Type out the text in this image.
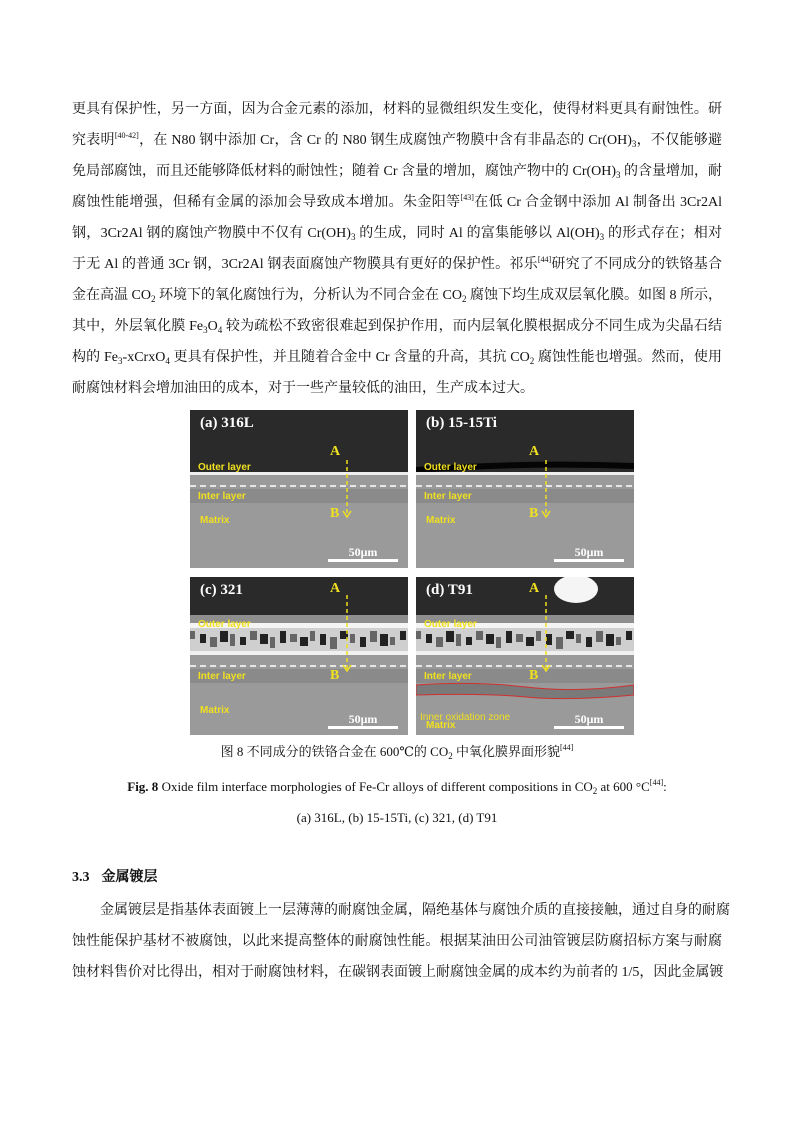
更具有保护性，另一方面，因为合金元素的添加，材料的显微组织发生变化，使得材料更具有耐蚀性。研
究表明[40-42]，在 N80 钢中添加 Cr，含 Cr 的 N80 钢生成腐蚀产物膜中含有非晶态的 $Cr(OH)_3$，不仅能够避
免局部腐蚀，而且还能够降低材料的耐蚀性；随着 Cr 含量的增加，腐蚀产物中的 $Cr(OH)_3$ 的含量增加，耐
腐蚀性能增强，但稀有金属的添加会导致成本增加。朱金阳等[43]在低 Cr 合金钢中添加 Al 制备出 3Cr2Al
钢，3Cr2Al 钢的腐蚀产物膜中不仅有 $Cr(OH)_3$ 的生成，同时 Al 的富集能够以 $Al(OH)_3$ 的形式存在；相对
于无 Al 的普通 3Cr 钢，3Cr2Al 钢表面腐蚀产物膜具有更好的保护性。祁乐[44]研究了不同成分的铁铬基合
金在高温 $CO_2$ 环境下的氧化腐蚀行为，分析认为不同合金在 $CO_2$ 腐蚀下均生成双层氧化膜。如图 8 所示，
其中，外层氧化膜 $Fe_3O_4$ 较为疏松不致密很难起到保护作用，而内层氧化膜根据成分不同生成为尖晶石结
构的 $Fe_3-xCrxO_4$ 更具有保护性，并且随着合金中 Cr 含量的升高，其抗 $CO_2$ 腐蚀性能也增强。然而，使用
耐腐蚀材料会增加油田的成本，对于一些产量较低的油田，生产成本过大。
(a) 316L
Outer layer
Inter layer
Matrix
A
B
50μm
(b) 15-15Ti
Outer layer
Inter layer
Matrix
A
B
50μm
(c) 321
Outer layer
Inter layer
Matrix
A
B
50μm
(d) T91
Outer layer
Inter layer
Matrix
A
B
50μm
Inner oxidation zone
图 8 不同成分的铁铬合金在 600℃的 $CO_2$ 中氧化膜界面形貌[44]
Fig. 8 Oxide film interface morphologies of Fe-Cr alloys of different compositions in $CO_2$ at 600 °C[44]:
(a) 316L, (b) 15-15Ti, (c) 321, (d) T91
3.3 金属镀层
　　金属镀层是指基体表面镀上一层薄薄的耐腐蚀金属，隔绝基体与腐蚀介质的直接接触，通过自身的耐腐
蚀性能保护基材不被腐蚀，以此来提高整体的耐腐蚀性能。根据某油田公司油管镀层防腐招标方案与耐腐
蚀材料售价对比得出，相对于耐腐蚀材料，在碳钢表面镀上耐腐蚀金属的成本约为前者的 1/5，因此金属镀
